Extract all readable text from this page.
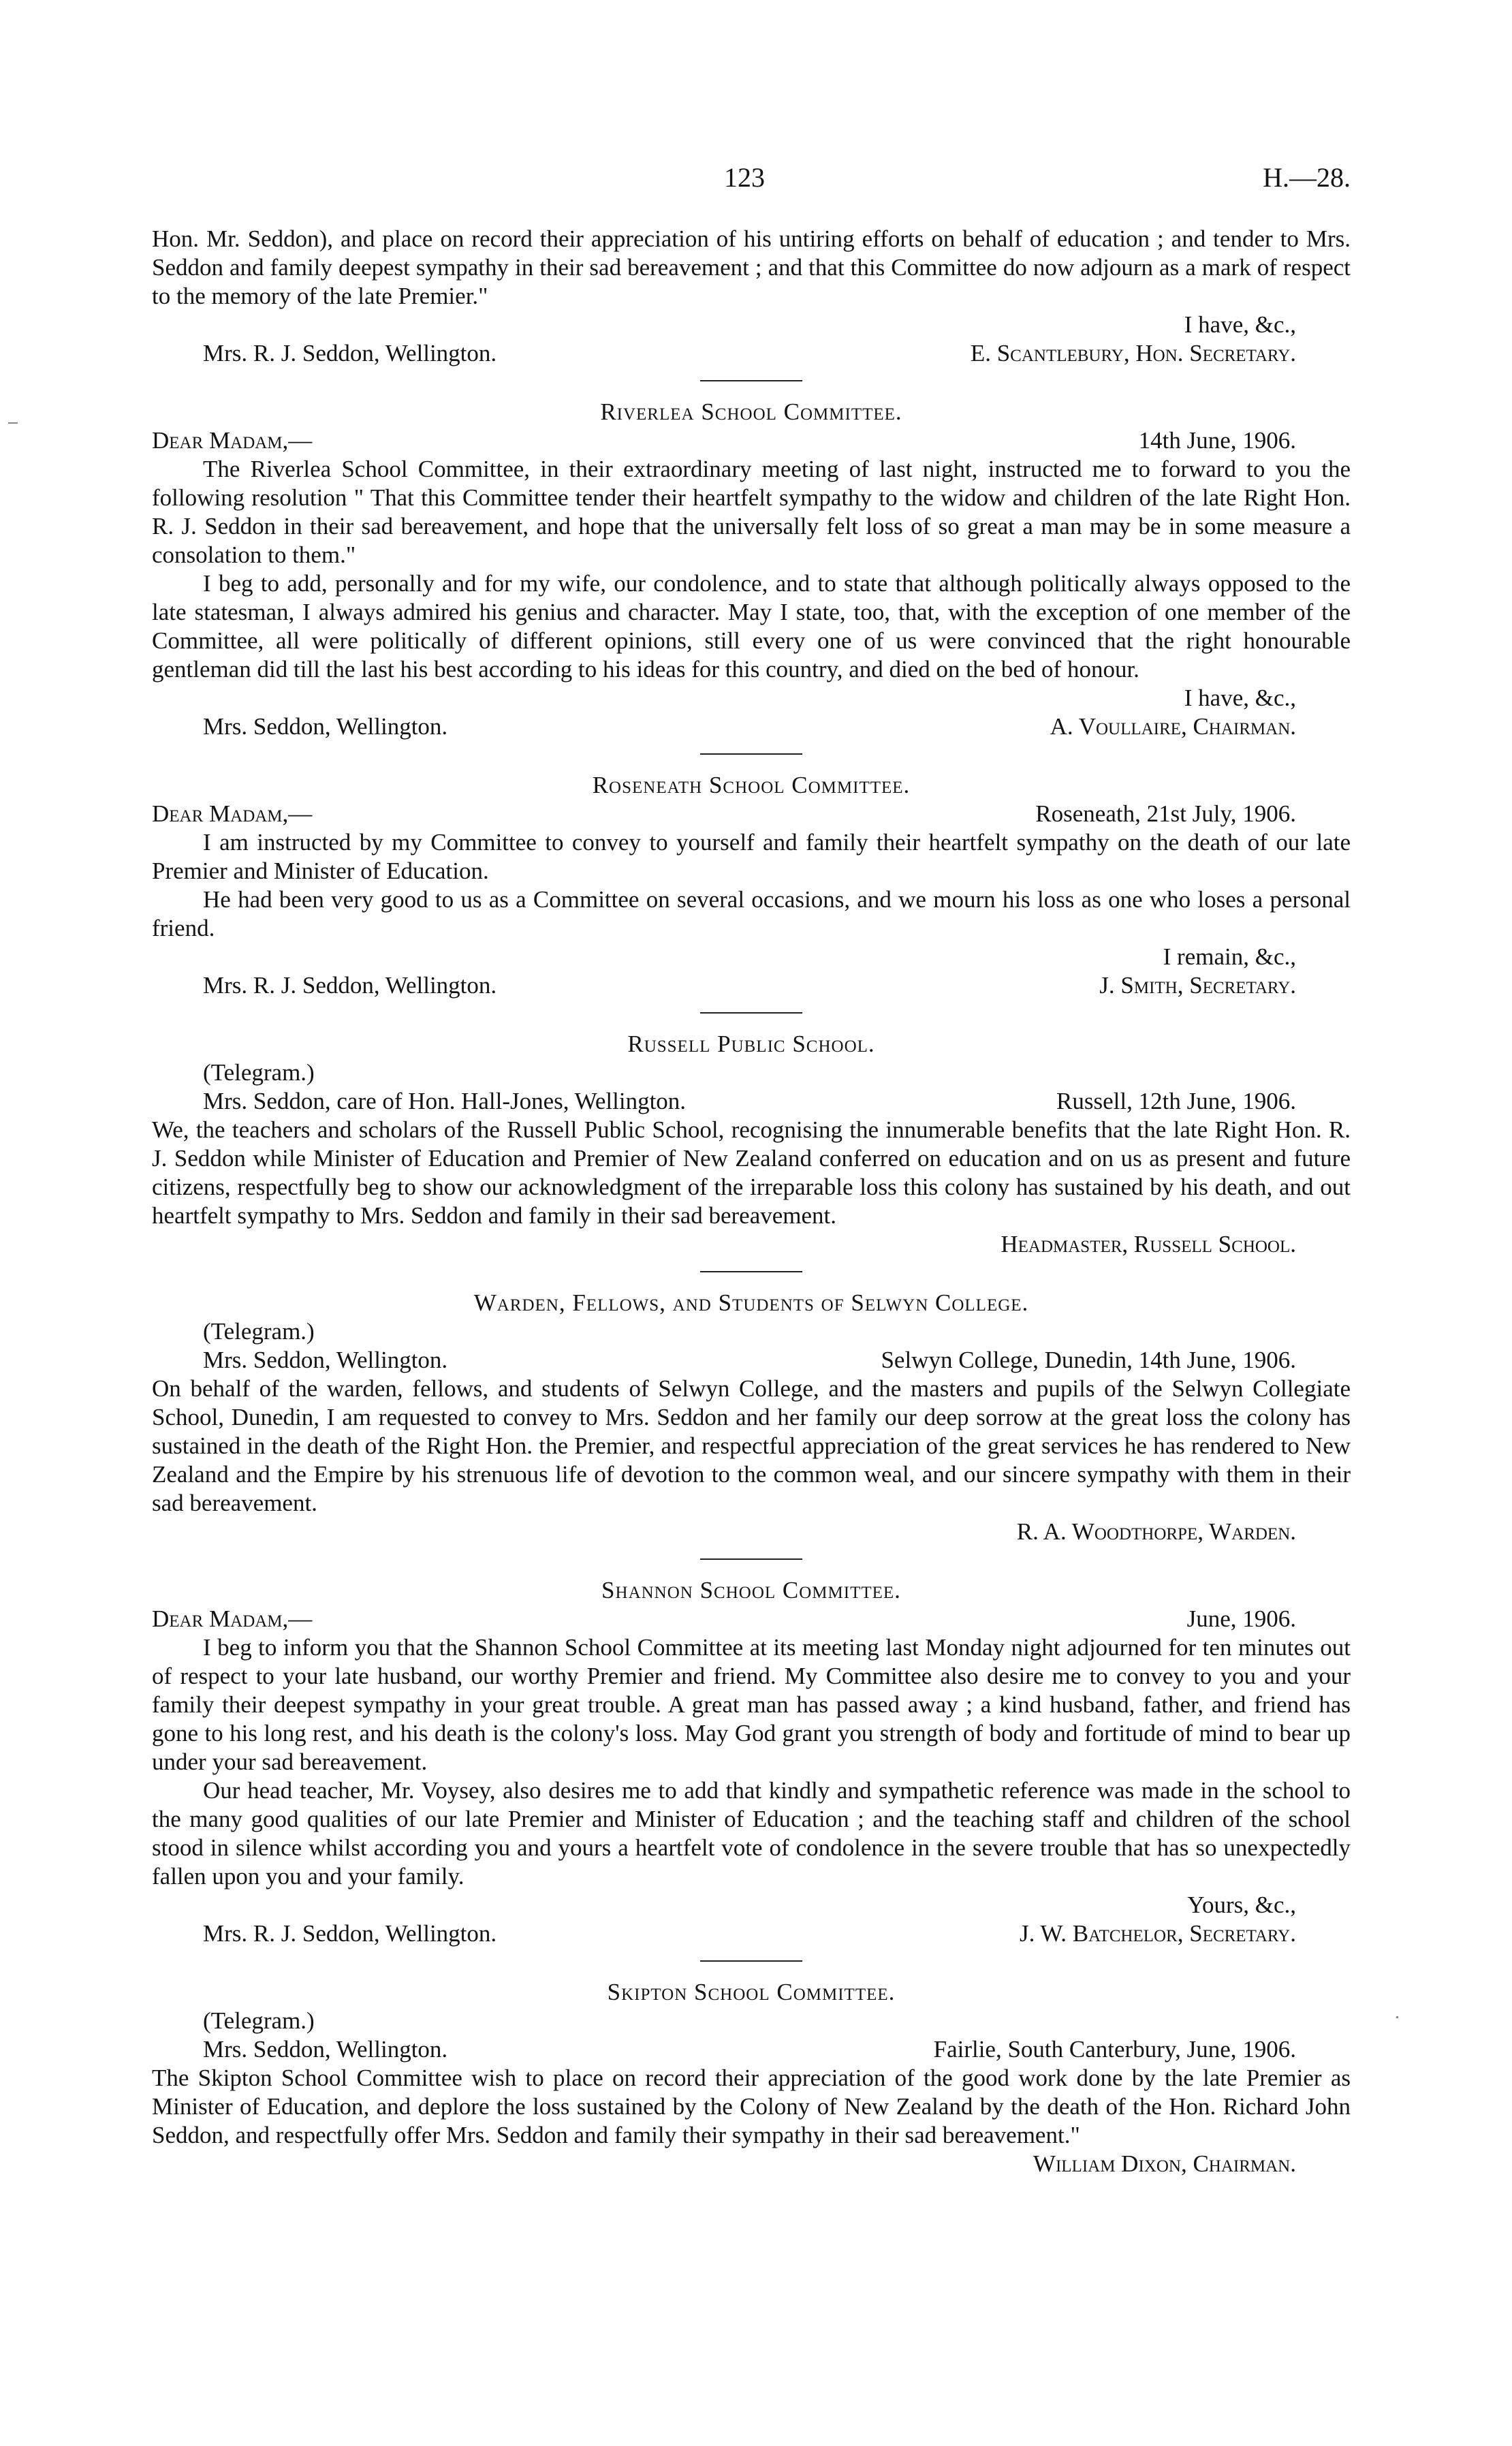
123	H.—28.

Hon. Mr. Seddon), and place on record their appreciation of his untiring efforts on behalf of education ; and tender to Mrs. Seddon and family deepest sympathy in their sad bereavement ; and that this Committee do now adjourn as a mark of respect to the memory of the late Premier."

I have, &c.,
Mrs. R. J. Seddon, Wellington.	E. Scantlebury, Hon. Secretary.
Riverlea School Committee.
Dear Madam,—	14th June, 1906.

The Riverlea School Committee, in their extraordinary meeting of last night, instructed me to forward to you the following resolution " That this Committee tender their heartfelt sympathy to the widow and children of the late Right Hon. R. J. Seddon in their sad bereavement, and hope that the universally felt loss of so great a man may be in some measure a consolation to them."

I beg to add, personally and for my wife, our condolence, and to state that although politically always opposed to the late statesman, I always admired his genius and character. May I state, too, that, with the exception of one member of the Committee, all were politically of different opinions, still every one of us were convinced that the right honourable gentleman did till the last his best according to his ideas for this country, and died on the bed of honour.

I have, &c.,
Mrs. Seddon, Wellington.	A. Voullaire, Chairman.
Roseneath School Committee.
Dear Madam,—	Roseneath, 21st July, 1906.

I am instructed by my Committee to convey to yourself and family their heartfelt sympathy on the death of our late Premier and Minister of Education.

He had been very good to us as a Committee on several occasions, and we mourn his loss as one who loses a personal friend.

I remain, &c.,
Mrs. R. J. Seddon, Wellington.	J. Smith, Secretary.
Russell Public School.
(Telegram.)
Mrs. Seddon, care of Hon. Hall-Jones, Wellington.	Russell, 12th June, 1906.

We, the teachers and scholars of the Russell Public School, recognising the innumerable benefits that the late Right Hon. R. J. Seddon while Minister of Education and Premier of New Zealand conferred on education and on us as present and future citizens, respectfully beg to show our acknowledgment of the irreparable loss this colony has sustained by his death, and out heartfelt sympathy to Mrs. Seddon and family in their sad bereavement.

Headmaster, Russell School.
Warden, Fellows, and Students of Selwyn College.
(Telegram.)
Mrs. Seddon, Wellington.	Selwyn College, Dunedin, 14th June, 1906.

On behalf of the warden, fellows, and students of Selwyn College, and the masters and pupils of the Selwyn Collegiate School, Dunedin, I am requested to convey to Mrs. Seddon and her family our deep sorrow at the great loss the colony has sustained in the death of the Right Hon. the Premier, and respectful appreciation of the great services he has rendered to New Zealand and the Empire by his strenuous life of devotion to the common weal, and our sincere sympathy with them in their sad bereavement.

R. A. Woodthorpe, Warden.
Shannon School Committee.
Dear Madam,—	June, 1906.

I beg to inform you that the Shannon School Committee at its meeting last Monday night adjourned for ten minutes out of respect to your late husband, our worthy Premier and friend. My Committee also desire me to convey to you and your family their deepest sympathy in your great trouble. A great man has passed away ; a kind husband, father, and friend has gone to his long rest, and his death is the colony's loss. May God grant you strength of body and fortitude of mind to bear up under your sad bereavement.

Our head teacher, Mr. Voysey, also desires me to add that kindly and sympathetic reference was made in the school to the many good qualities of our late Premier and Minister of Education ; and the teaching staff and children of the school stood in silence whilst according you and yours a heartfelt vote of condolence in the severe trouble that has so unexpectedly fallen upon you and your family.

Yours, &c.,
Mrs. R. J. Seddon, Wellington.	J. W. Batchelor, Secretary.
Skipton School Committee.
(Telegram.)
Mrs. Seddon, Wellington.	Fairlie, South Canterbury, June, 1906.

The Skipton School Committee wish to place on record their appreciation of the good work done by the late Premier as Minister of Education, and deplore the loss sustained by the Colony of New Zealand by the death of the Hon. Richard John Seddon, and respectfully offer Mrs. Seddon and family their sympathy in their sad bereavement."

William Dixon, Chairman.
